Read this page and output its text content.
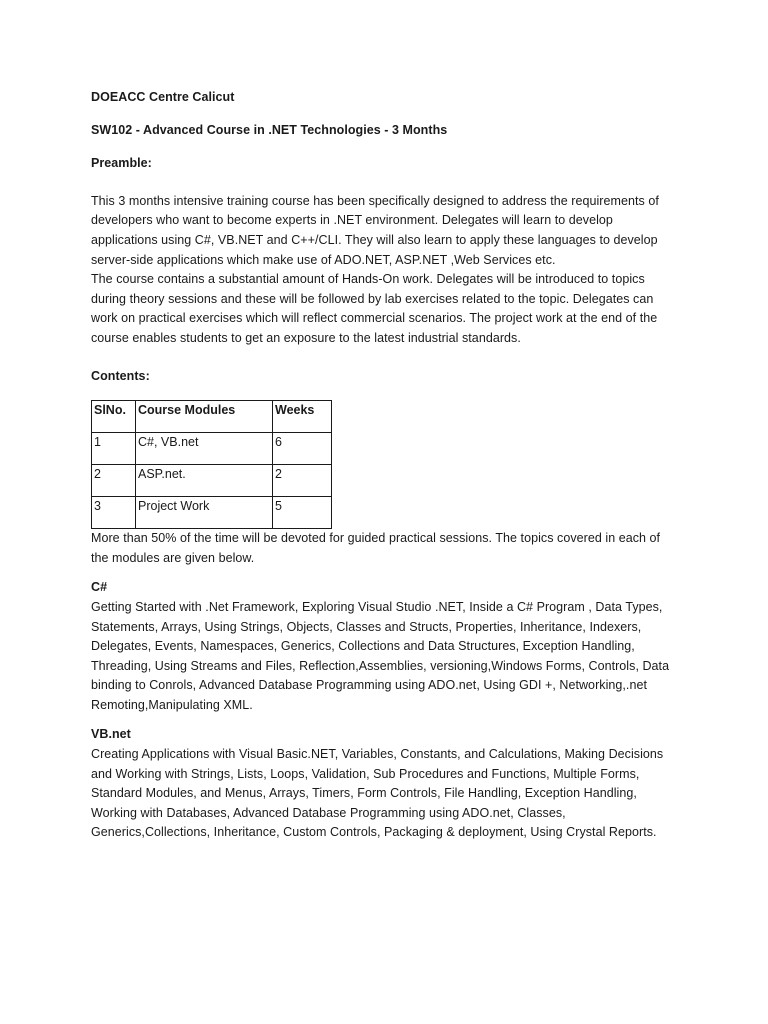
DOEACC Centre Calicut

SW102 - Advanced Course in .NET Technologies - 3 Months

Preamble:

This 3 months intensive training course has been specifically designed to address the requirements of developers who want to become experts in .NET environment. Delegates will learn to develop applications using C#, VB.NET and C++/CLI. They will also learn to apply these languages to develop server-side applications which make use of ADO.NET, ASP.NET ,Web Services etc.

The course contains a substantial amount of Hands-On work. Delegates will be introduced to topics during theory sessions and these will be followed by lab exercises related to the topic. Delegates can work on practical exercises which will reflect commercial scenarios. The project work at the end of the course enables students to get an exposure to the latest industrial standards.

Contents:

SlNo.	Course Modules	Weeks
1	C#, VB.net	6
2	ASP.net.	2
3	Project Work	5

More than 50% of the time will be devoted for guided practical sessions. The topics covered in each of the modules are given below.

C#

Getting Started with .Net Framework, Exploring Visual Studio .NET, Inside a C# Program , Data Types, Statements, Arrays, Using Strings, Objects, Classes and Structs, Properties, Inheritance, Indexers, Delegates, Events, Namespaces, Generics, Collections and Data Structures, Exception Handling, Threading, Using Streams and Files, Reflection,Assemblies, versioning,Windows Forms, Controls, Data binding to Conrols, Advanced Database Programming using ADO.net, Using GDI +, Networking,.net Remoting,Manipulating XML.

VB.net

Creating Applications with Visual Basic.NET, Variables, Constants, and Calculations, Making Decisions and Working with Strings, Lists, Loops, Validation, Sub Procedures and Functions, Multiple Forms, Standard Modules, and Menus, Arrays, Timers, Form Controls, File Handling, Exception Handling, Working with Databases, Advanced Database Programming using ADO.net, Classes, Generics,Collections, Inheritance, Custom Controls, Packaging & deployment, Using Crystal Reports.
